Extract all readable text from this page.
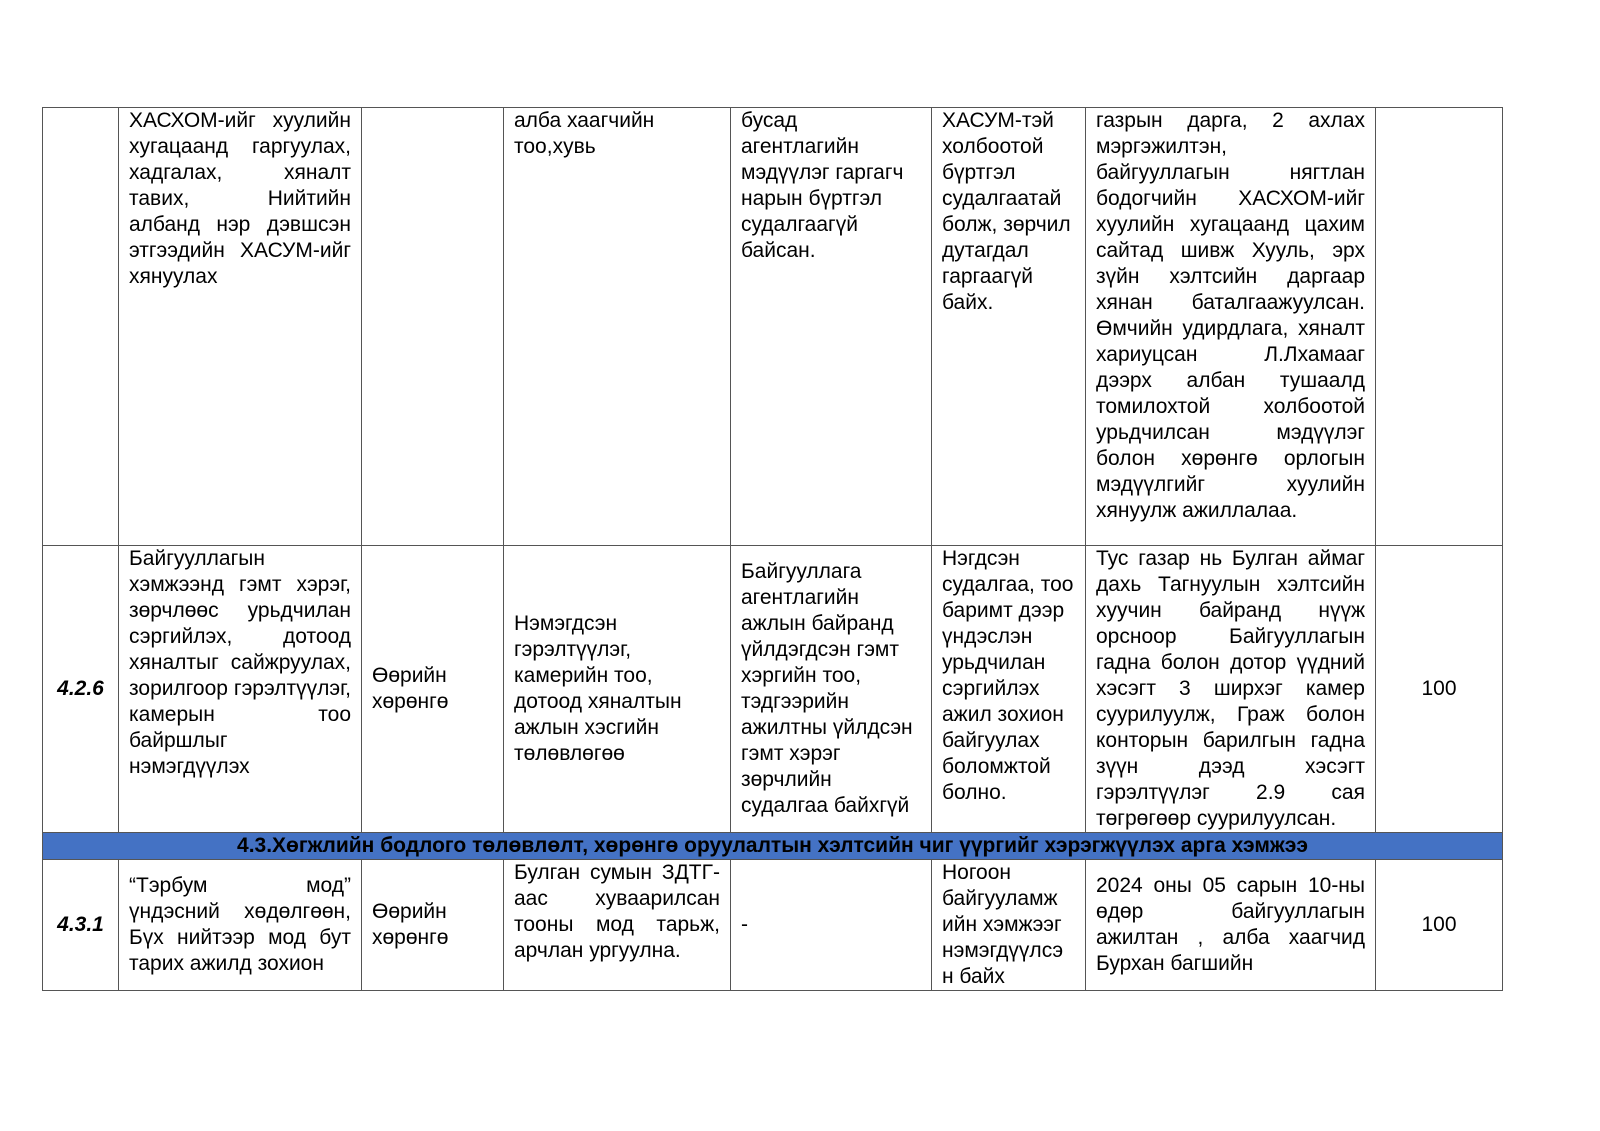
	ХАСХОМ-ийг хуулийн хугацаанд гаргуулах, хадгалах, хяналт тавих, Нийтийн албанд нэр дэвшсэн этгээдийн ХАСУМ-ийг хянуулах		алба хаагчийн тоо,хувь	бусад агентлагийн мэдүүлэг гаргагч нарын бүртгэл судалгаагүй байсан.	ХАСУМ-тэй холбоотой бүртгэл судалгаатай болж, зөрчил дутагдал гаргаагүй байх.	газрын дарга, 2 ахлах мэргэжилтэн, байгууллагын нягтлан бодогчийн ХАСХОМ-ийг хуулийн хугацаанд цахим сайтад шивж Хууль, эрх зүйн хэлтсийн даргаар хянан баталгаажуулсан. Өмчийн удирдлага, хяналт хариуцсан Л.Лхамааг дээрх албан тушаалд томилохтой холбоотой урьдчилсан мэдүүлэг болон хөрөнгө орлогын мэдүүлгийг хуулийн хянуулж ажиллалаа.	
4.2.6	Байгууллагын хэмжээнд гэмт хэрэг, зөрчлөөс урьдчилан сэргийлэх, дотоод хяналтыг сайжруулах, зорилгоор гэрэлтүүлэг, камерын тоо байршлыг нэмэгдүүлэх	Өөрийн хөрөнгө	Нэмэгдсэн гэрэлтүүлэг, камерийн тоо, дотоод хяналтын ажлын хэсгийн төлөвлөгөө	Байгууллага агентлагийн ажлын байранд үйлдэгдсэн гэмт хэргийн тоо, тэдгээрийн ажилтны үйлдсэн гэмт хэрэг зөрчлийн судалгаа байхгүй	Нэгдсэн судалгаа, тоо баримт дээр үндэслэн урьдчилан сэргийлэх ажил зохион байгуулах боломжтой болно.	Тус газар нь Булган аймаг дахь Тагнуулын хэлтсийн хуучин байранд нүүж орсноор Байгууллагын гадна болон дотор үүдний хэсэгт 3 ширхэг камер суурилуулж, Граж болон конторын барилгын гадна зүүн дээд хэсэгт гэрэлтүүлэг 2.9 сая төгрөгөөр суурилуулсан.	100
4.3.Хөгжлийн бодлого төлөвлөлт, хөрөнгө оруулалтын хэлтсийн чиг үүргийг хэрэгжүүлэх арга хэмжээ							
4.3.1	“Тэрбум мод” үндэсний хөдөлгөөн, Бүх нийтээр мод бут тарих ажилд зохион	Өөрийн хөрөнгө	Булган сумын ЗДТГ-аас хуваарилсан тооны мод тарьж, арчлан ургуулна.	-	Ногоон байгууламж ийн хэмжээг нэмэгдүүлсэ н байх	2024 оны 05 сарын 10-ны өдөр байгууллагын ажилтан , алба хаагчид Бурхан багшийн	100
